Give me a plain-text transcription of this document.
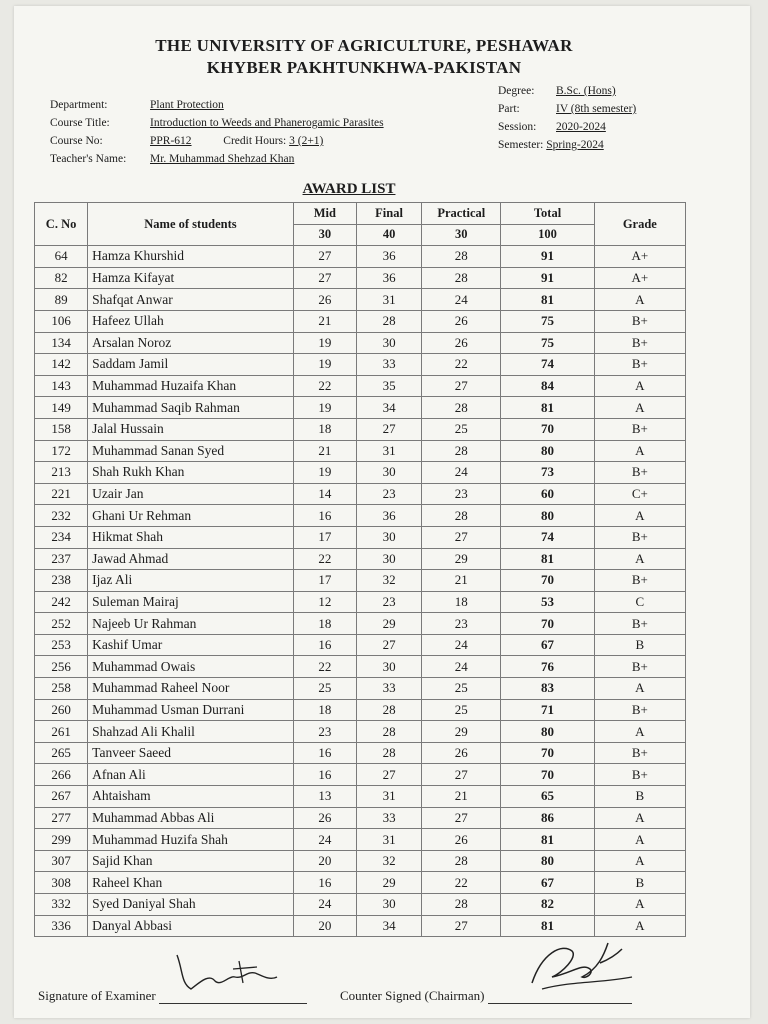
THE UNIVERSITY OF AGRICULTURE, PESHAWAR
KHYBER PAKHTUNKHWA-PAKISTAN
Department:	Plant Protection
Course Title:	Introduction to Weeds and Phanerogamic Parasites
Course No:	PPR-612	Credit Hours: 3 (2+1)
Teacher's Name: Mr. Muhammad Shehzad Khan
Degree: B.Sc. (Hons)
Part:	IV (8th semester)
Session: 2020-2024
Semester: Spring-2024
AWARD LIST
C. No	Name of students	Mid	Final	Practical	Total	Grade
		30	40	30	100	
64	Hamza Khurshid	27	36	28	91	A+
82	Hamza Kifayat	27	36	28	91	A+
89	Shafqat Anwar	26	31	24	81	A
106	Hafeez Ullah	21	28	26	75	B+
134	Arsalan Noroz	19	30	26	75	B+
142	Saddam Jamil	19	33	22	74	B+
143	Muhammad Huzaifa Khan	22	35	27	84	A
149	Muhammad Saqib Rahman	19	34	28	81	A
158	Jalal Hussain	18	27	25	70	B+
172	Muhammad Sanan Syed	21	31	28	80	A
213	Shah Rukh Khan	19	30	24	73	B+
221	Uzair Jan	14	23	23	60	C+
232	Ghani Ur Rehman	16	36	28	80	A
234	Hikmat Shah	17	30	27	74	B+
237	Jawad Ahmad	22	30	29	81	A
238	Ijaz Ali	17	32	21	70	B+
242	Suleman Mairaj	12	23	18	53	C
252	Najeeb Ur Rahman	18	29	23	70	B+
253	Kashif Umar	16	27	24	67	B
256	Muhammad Owais	22	30	24	76	B+
258	Muhammad Raheel Noor	25	33	25	83	A
260	Muhammad Usman Durrani	18	28	25	71	B+
261	Shahzad Ali Khalil	23	28	29	80	A
265	Tanveer Saeed	16	28	26	70	B+
266	Afnan Ali	16	27	27	70	B+
267	Ahtaisham	13	31	21	65	B
277	Muhammad Abbas Ali	26	33	27	86	A
299	Muhammad Huzifa Shah	24	31	26	81	A
307	Sajid Khan	20	32	28	80	A
308	Raheel Khan	16	29	22	67	B
332	Syed Daniyal Shah	24	30	28	82	A
336	Danyal Abbasi	20	34	27	81	A
Signature of Examiner	Counter Signed (Chairman)
